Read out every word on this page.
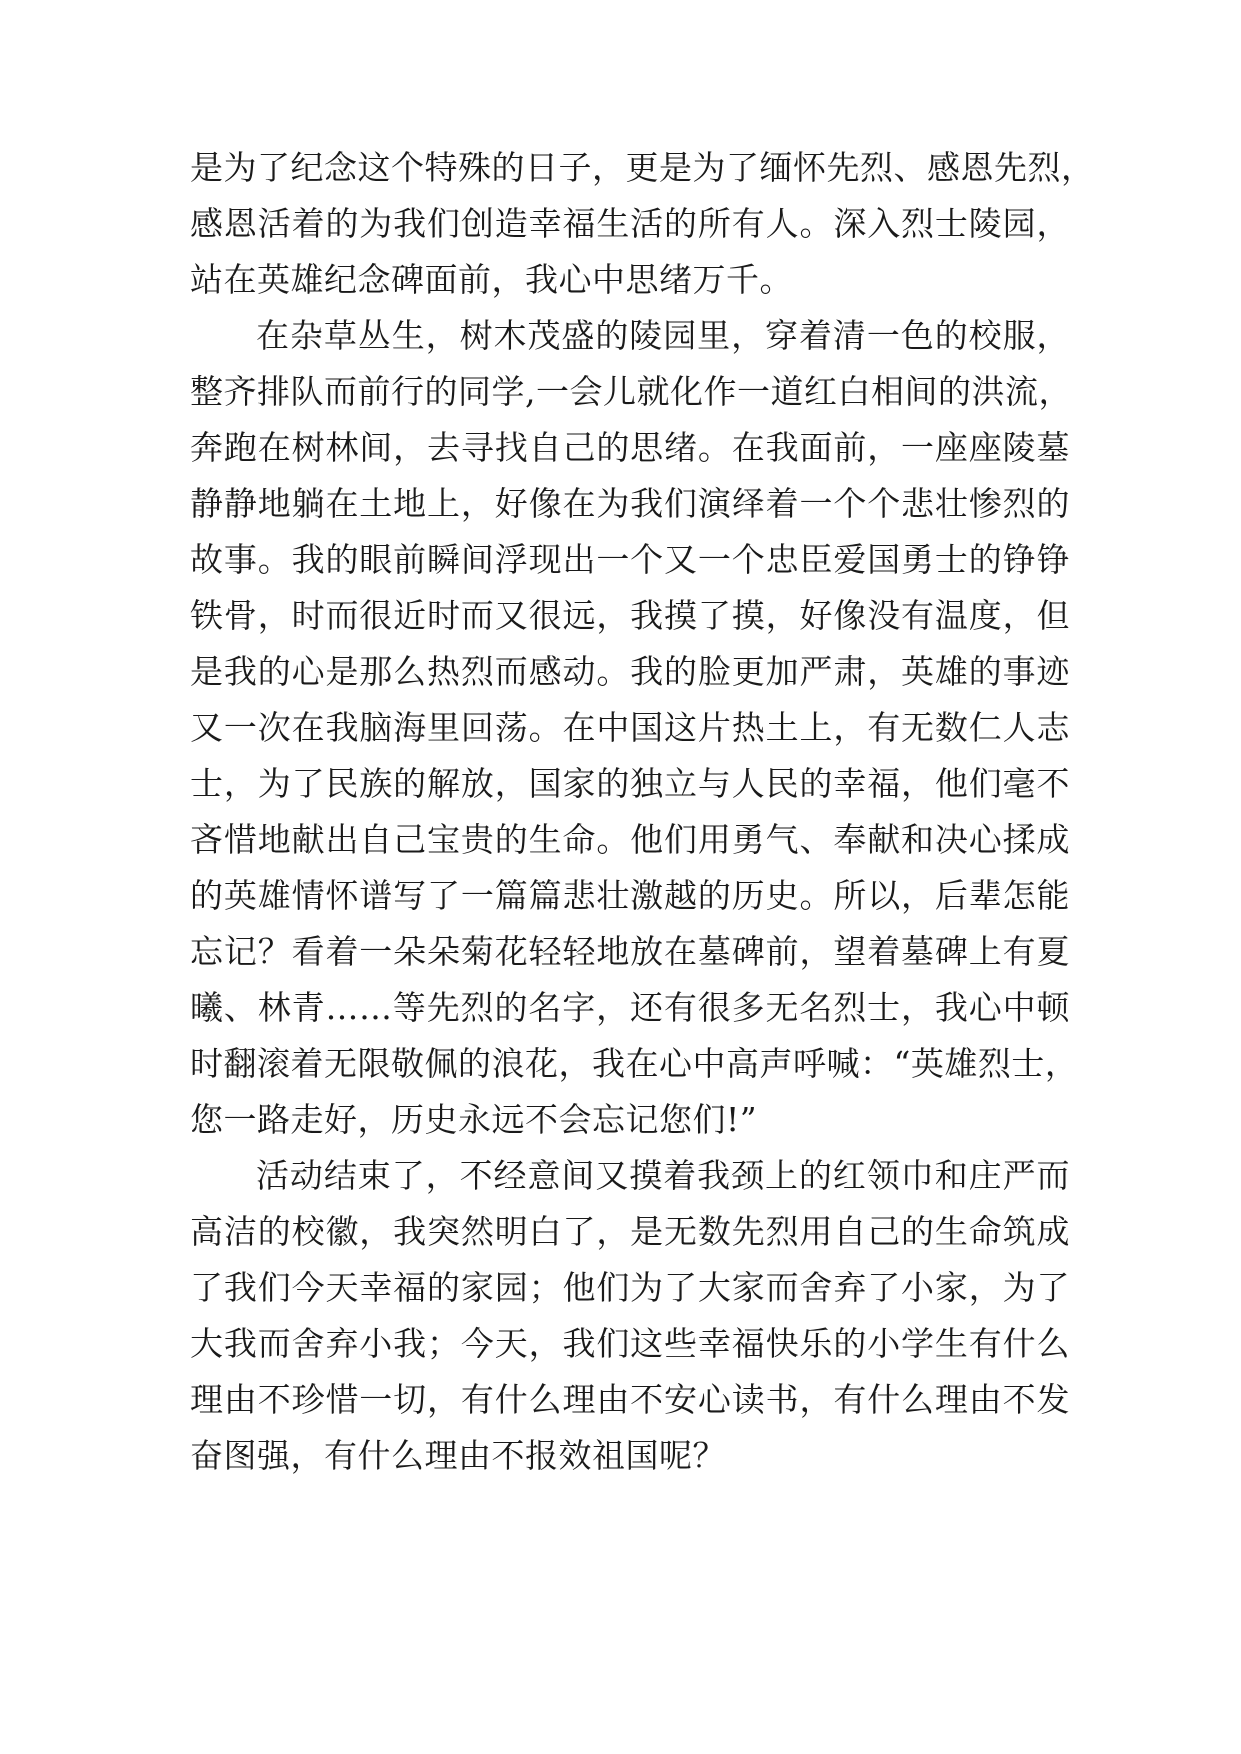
是为了纪念这个特殊的日子，更是为了缅怀先烈、感恩先烈，
感恩活着的为我们创造幸福生活的所有人。深入烈士陵园，
站在英雄纪念碑面前，我心中思绪万千。
在杂草丛生，树木茂盛的陵园里，穿着清一色的校服，
整齐排队而前行的同学,一会儿就化作一道红白相间的洪流，
奔跑在树林间，去寻找自己的思绪。在我面前，一座座陵墓
静静地躺在土地上，好像在为我们演绎着一个个悲壮惨烈的
故事。我的眼前瞬间浮现出一个又一个忠臣爱国勇士的铮铮
铁骨，时而很近时而又很远，我摸了摸，好像没有温度，但
是我的心是那么热烈而感动。我的脸更加严肃，英雄的事迹
又一次在我脑海里回荡。在中国这片热土上，有无数仁人志
士，为了民族的解放，国家的独立与人民的幸福，他们毫不
吝惜地献出自己宝贵的生命。他们用勇气、奉献和决心揉成
的英雄情怀谱写了一篇篇悲壮激越的历史。所以，后辈怎能
忘记？看着一朵朵菊花轻轻地放在墓碑前，望着墓碑上有夏
曦、林青……等先烈的名字，还有很多无名烈士，我心中顿
时翻滚着无限敬佩的浪花，我在心中高声呼喊：“英雄烈士，
您一路走好，历史永远不会忘记您们!”
活动结束了，不经意间又摸着我颈上的红领巾和庄严而
高洁的校徽，我突然明白了，是无数先烈用自己的生命筑成
了我们今天幸福的家园；他们为了大家而舍弃了小家，为了
大我而舍弃小我；今天，我们这些幸福快乐的小学生有什么
理由不珍惜一切，有什么理由不安心读书，有什么理由不发
奋图强，有什么理由不报效祖国呢？
